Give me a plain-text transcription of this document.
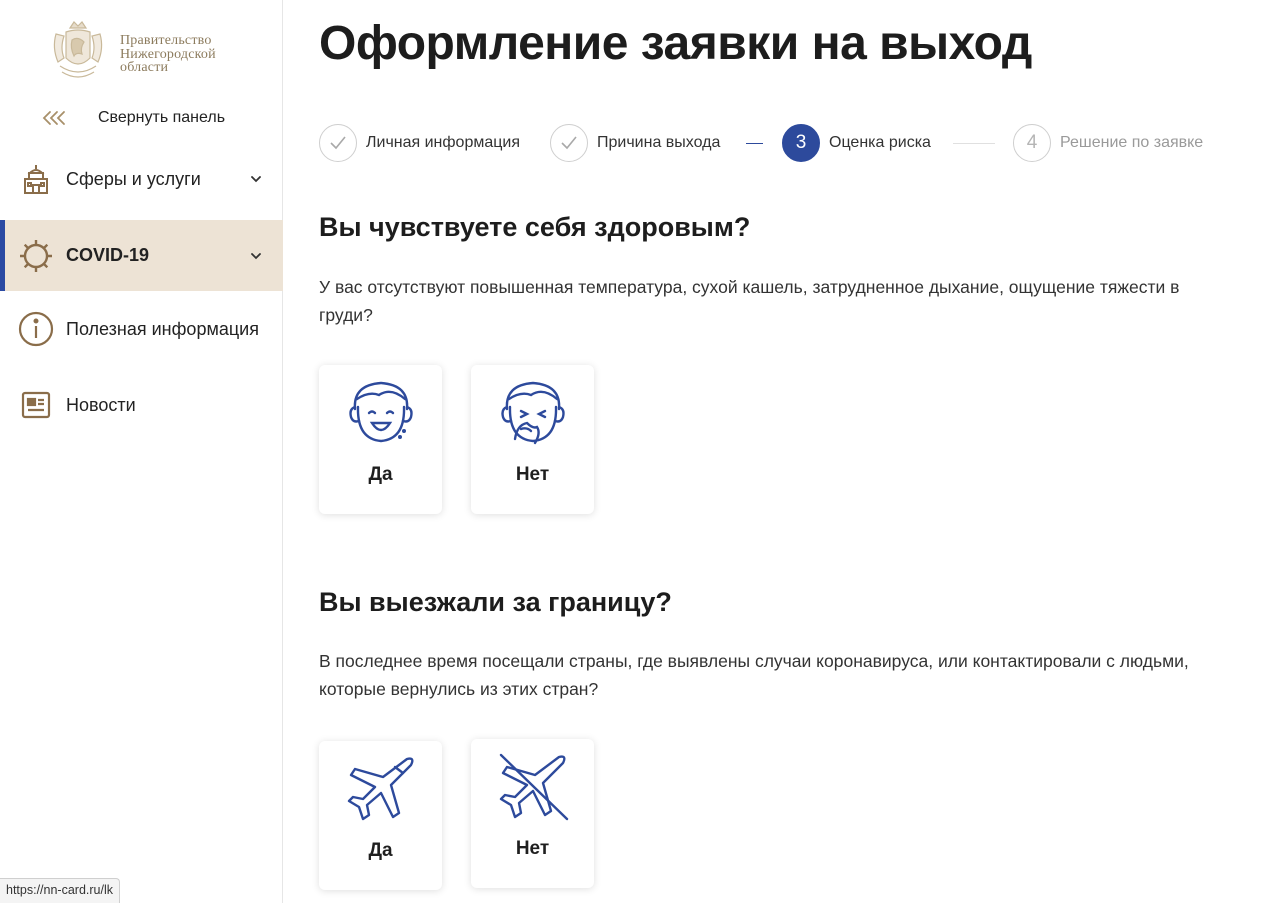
Правительство
Нижегородской
области
Свернуть панель
Сферы и услуги
COVID-19
Полезная информация
Новости
Оформление заявки на выход
Личная информация	Причина выхода	3	Оценка риска	4	Решение по заявке
Вы чувствуете себя здоровым?

У вас отсутствуют повышенная температура, сухой кашель, затрудненное дыхание, ощущение тяжести в груди?

Да	Нет
Вы выезжали за границу?

В последнее время посещали страны, где выявлены случаи коронавируса, или контактировали с людьми, которые вернулись из этих стран?

Да	Нет
https://nn-card.ru/lk
